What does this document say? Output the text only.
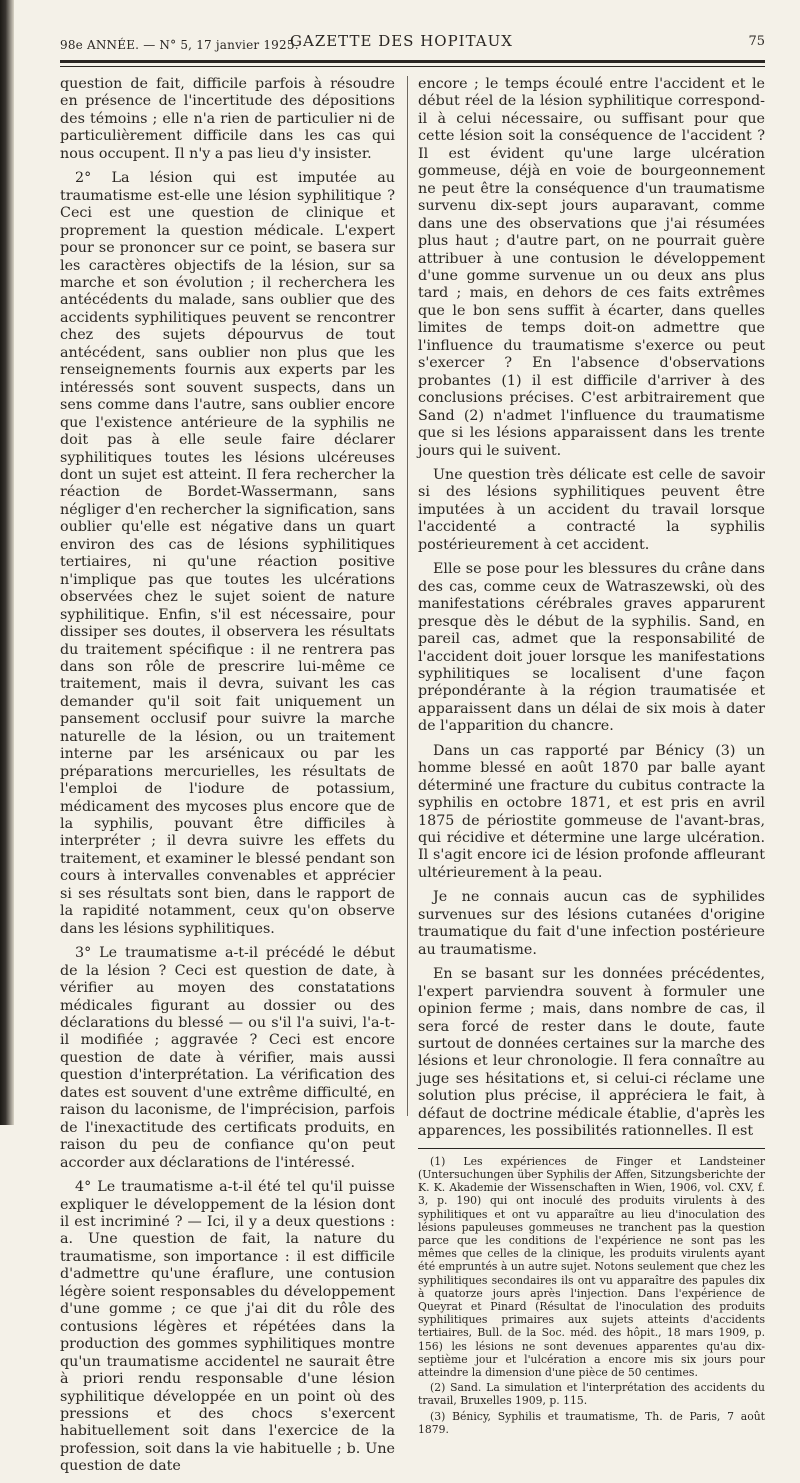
98e ANNÉE. — N° 5, 17 janvier 1925.
GAZETTE DES HOPITAUX	75

question de fait, difficile parfois à résoudre en présence de l'incertitude des dépositions des témoins ; elle n'a rien de particulier ni de particulièrement difficile dans les cas qui nous occupent. Il n'y a pas lieu d'y insister.

2° La lésion qui est imputée au traumatisme est-elle une lésion syphilitique ? Ceci est une question de clinique et proprement la question médicale. L'expert pour se prononcer sur ce point, se basera sur les caractères objectifs de la lésion, sur sa marche et son évolution ; il recherchera les antécédents du malade, sans oublier que des accidents syphilitiques peuvent se rencontrer chez des sujets dépourvus de tout antécédent, sans oublier non plus que les renseignements fournis aux experts par les intéressés sont souvent suspects, dans un sens comme dans l'autre, sans oublier encore que l'existence antérieure de la syphilis ne doit pas à elle seule faire déclarer syphilitiques toutes les lésions ulcéreuses dont un sujet est atteint. Il fera rechercher la réaction de Bordet-Wassermann, sans négliger d'en rechercher la signification, sans oublier qu'elle est négative dans un quart environ des cas de lésions syphilitiques tertiaires, ni qu'une réaction positive n'implique pas que toutes les ulcérations observées chez le sujet soient de nature syphilitique. Enfin, s'il est nécessaire, pour dissiper ses doutes, il observera les résultats du traitement spécifique : il ne rentrera pas dans son rôle de prescrire lui-même ce traitement, mais il devra, suivant les cas demander qu'il soit fait uniquement un pansement occlusif pour suivre la marche naturelle de la lésion, ou un traitement interne par les arsénicaux ou par les préparations mercurielles, les résultats de l'emploi de l'iodure de potassium, médicament des mycoses plus encore que de la syphilis, pouvant être difficiles à interpréter ; il devra suivre les effets du traitement, et examiner le blessé pendant son cours à intervalles convenables et apprécier si ses résultats sont bien, dans le rapport de la rapidité notamment, ceux qu'on observe dans les lésions syphilitiques.

3° Le traumatisme a-t-il précédé le début de la lésion ? Ceci est question de date, à vérifier au moyen des constatations médicales figurant au dossier ou des déclarations du blessé — ou s'il l'a suivi, l'a-t-il modifiée ; aggravée ? Ceci est encore question de date à vérifier, mais aussi question d'interprétation. La vérification des dates est souvent d'une extrême difficulté, en raison du laconisme, de l'imprécision, parfois de l'inexactitude des certificats produits, en raison du peu de confiance qu'on peut accorder aux déclarations de l'intéressé.

4° Le traumatisme a-t-il été tel qu'il puisse expliquer le développement de la lésion dont il est incriminé ? — Ici, il y a deux questions : a. Une question de fait, la nature du traumatisme, son importance : il est difficile d'admettre qu'une éraflure, une contusion légère soient responsables du développement d'une gomme ; ce que j'ai dit du rôle des contusions légères et répétées dans la production des gommes syphilitiques montre qu'un traumatisme accidentel ne saurait être à priori rendu responsable d'une lésion syphilitique développée en un point où des pressions et des chocs s'exercent habituellement soit dans l'exercice de la profession, soit dans la vie habituelle ; b. Une question de date

encore ; le temps écoulé entre l'accident et le début réel de la lésion syphilitique correspond-il à celui nécessaire, ou suffisant pour que cette lésion soit la conséquence de l'accident ? Il est évident qu'une large ulcération gommeuse, déjà en voie de bourgeonnement ne peut être la conséquence d'un traumatisme survenu dix-sept jours auparavant, comme dans une des observations que j'ai résumées plus haut ; d'autre part, on ne pourrait guère attribuer à une contusion le développement d'une gomme survenue un ou deux ans plus tard ; mais, en dehors de ces faits extrêmes que le bon sens suffit à écarter, dans quelles limites de temps doit-on admettre que l'influence du traumatisme s'exerce ou peut s'exercer ? En l'absence d'observations probantes (1) il est difficile d'arriver à des conclusions précises. C'est arbitrairement que Sand (2) n'admet l'influence du traumatisme que si les lésions apparaissent dans les trente jours qui le suivent.

Une question très délicate est celle de savoir si des lésions syphilitiques peuvent être imputées à un accident du travail lorsque l'accidenté a contracté la syphilis postérieurement à cet accident.

Elle se pose pour les blessures du crâne dans des cas, comme ceux de Watraszewski, où des manifestations cérébrales graves apparurent presque dès le début de la syphilis. Sand, en pareil cas, admet que la responsabilité de l'accident doit jouer lorsque les manifestations syphilitiques se localisent d'une façon prépondérante à la région traumatisée et apparaissent dans un délai de six mois à dater de l'apparition du chancre.

Dans un cas rapporté par Bénicy (3) un homme blessé en août 1870 par balle ayant déterminé une fracture du cubitus contracte la syphilis en octobre 1871, et est pris en avril 1875 de périostite gommeuse de l'avant-bras, qui récidive et détermine une large ulcération. Il s'agit encore ici de lésion profonde affleurant ultérieurement à la peau.

Je ne connais aucun cas de syphilides survenues sur des lésions cutanées d'origine traumatique du fait d'une infection postérieure au traumatisme.

En se basant sur les données précédentes, l'expert parviendra souvent à formuler une opinion ferme ; mais, dans nombre de cas, il sera forcé de rester dans le doute, faute surtout de données certaines sur la marche des lésions et leur chronologie. Il fera connaître au juge ses hésitations et, si celui-ci réclame une solution plus précise, il appréciera le fait, à défaut de doctrine médicale établie, d'après les apparences, les possibilités rationnelles. Il est

(1) Les expériences de Finger et Landsteiner (Untersuchungen über Syphilis der Affen, Sitzungsberichte der K. K. Akademie der Wissenschaften in Wien, 1906, vol. CXV, f. 3, p. 190) qui ont inoculé des produits virulents à des syphilitiques et ont vu apparaître au lieu d'inoculation des lésions papuleuses gommeuses ne tranchent pas la question parce que les conditions de l'expérience ne sont pas les mêmes que celles de la clinique, les produits virulents ayant été empruntés à un autre sujet. Notons seulement que chez les syphilitiques secondaires ils ont vu apparaître des papules dix à quatorze jours après l'injection. Dans l'expérience de Queyrat et Pinard (Résultat de l'inoculation des produits syphilitiques primaires aux sujets atteints d'accidents tertiaires, Bull. de la Soc. méd. des hôpit., 18 mars 1909, p. 156) les lésions ne sont devenues apparentes qu'au dix-septième jour et l'ulcération a encore mis six jours pour atteindre la dimension d'une pièce de 50 centimes.

(2) Sand. La simulation et l'interprétation des accidents du travail, Bruxelles 1909, p. 115.

(3) Bénicy, Syphilis et traumatisme, Th. de Paris, 7 août 1879.
